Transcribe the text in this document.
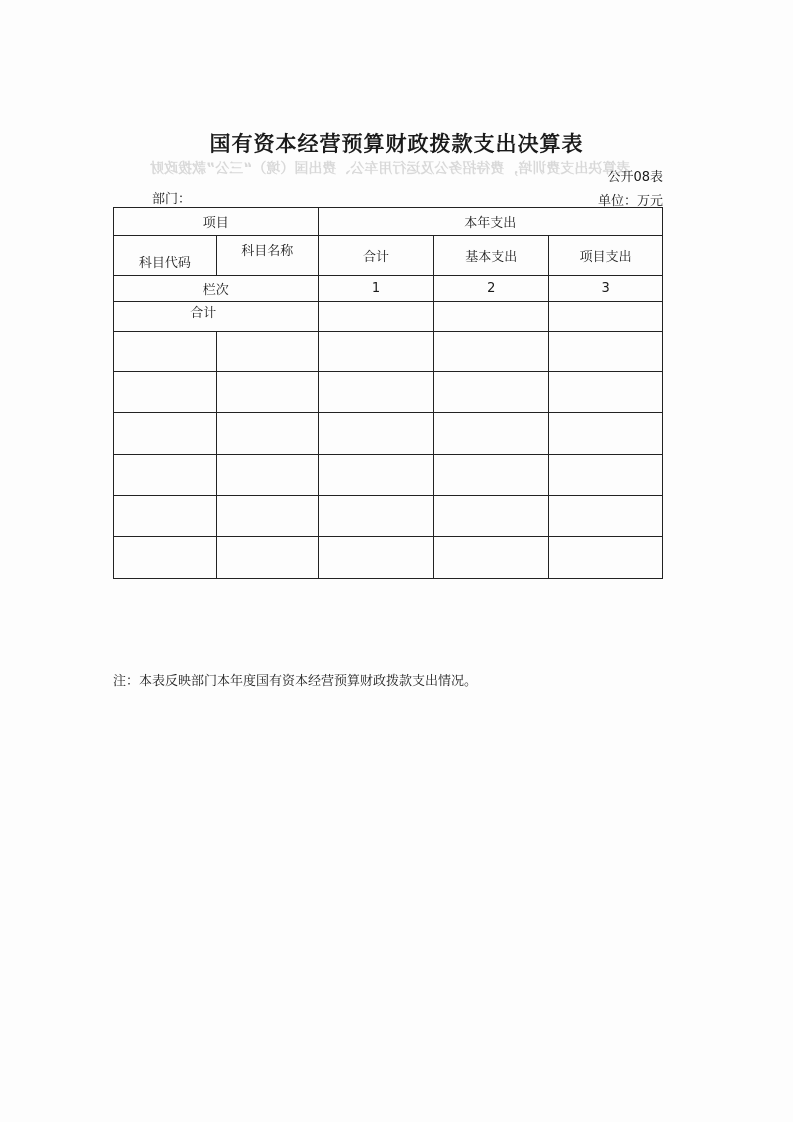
表算决出支费训培，费待招务公及运行用车公、费出国（境）“三公”款拨政财
国有资本经营预算财政拨款支出决算表
公开08表
部门：	单位：万元
项目		本年支出		
科目代码	科目名称	合计	基本支出	项目支出
栏次		1	2	3
合计				

注：本表反映部门本年度国有资本经营预算财政拨款支出情况。
